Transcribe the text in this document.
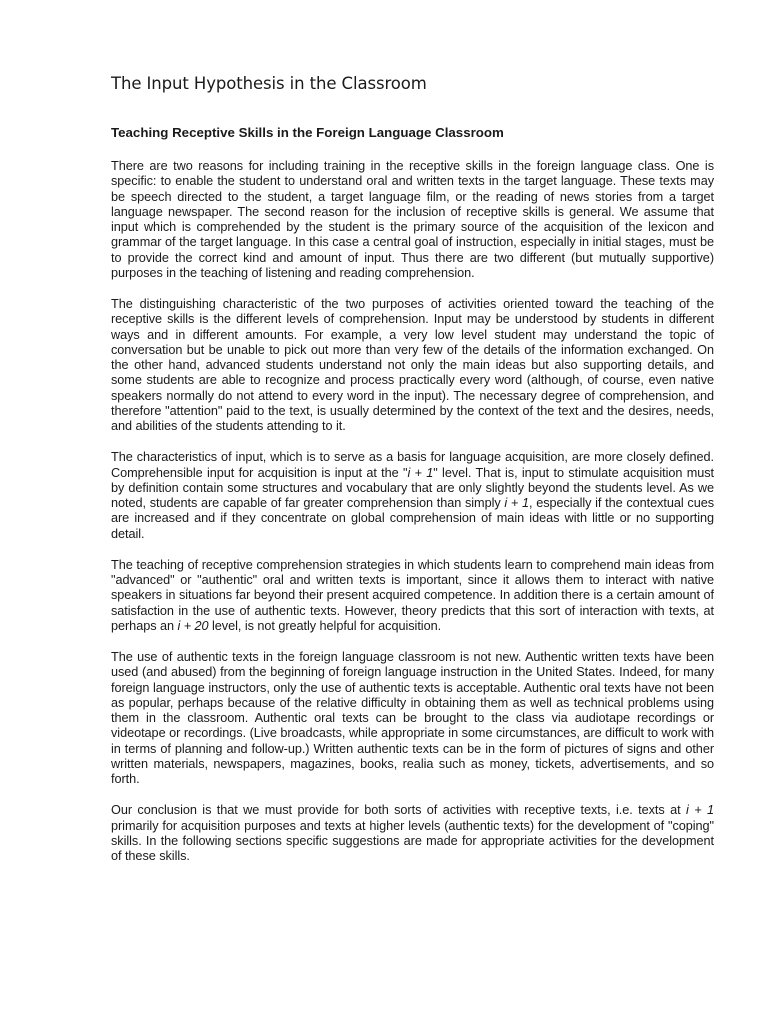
The Input Hypothesis in the Classroom
Teaching Receptive Skills in the Foreign Language Classroom

There are two reasons for including training in the receptive skills in the foreign language class. One is specific: to enable the student to understand oral and written texts in the target language. These texts may be speech directed to the student, a target language film, or the reading of news stories from a target language newspaper. The second reason for the inclusion of receptive skills is general. We assume that input which is comprehended by the student is the primary source of the acquisition of the lexicon and grammar of the target language. In this case a central goal of instruction, especially in initial stages, must be to provide the correct kind and amount of input. Thus there are two different (but mutually supportive) purposes in the teaching of listening and reading comprehension.

The distinguishing characteristic of the two purposes of activities oriented toward the teaching of the receptive skills is the different levels of comprehension. Input may be understood by students in different ways and in different amounts. For example, a very low level student may understand the topic of conversation but be unable to pick out more than very few of the details of the information exchanged. On the other hand, advanced students understand not only the main ideas but also supporting details, and some students are able to recognize and process practically every word (although, of course, even native speakers normally do not attend to every word in the input). The necessary degree of comprehension, and therefore "attention" paid to the text, is usually determined by the context of the text and the desires, needs, and abilities of the students attending to it.

The characteristics of input, which is to serve as a basis for language acquisition, are more closely defined. Comprehensible input for acquisition is input at the "i + 1" level. That is, input to stimulate acquisition must by definition contain some structures and vocabulary that are only slightly beyond the students level. As we noted, students are capable of far greater comprehension than simply i + 1, especially if the contextual cues are increased and if they concentrate on global comprehension of main ideas with little or no supporting detail.

The teaching of receptive comprehension strategies in which students learn to comprehend main ideas from "advanced" or "authentic" oral and written texts is important, since it allows them to interact with native speakers in situations far beyond their present acquired competence. In addition there is a certain amount of satisfaction in the use of authentic texts. However, theory predicts that this sort of interaction with texts, at perhaps an i + 20 level, is not greatly helpful for acquisition.

The use of authentic texts in the foreign language classroom is not new. Authentic written texts have been used (and abused) from the beginning of foreign language instruction in the United States. Indeed, for many foreign language instructors, only the use of authentic texts is acceptable. Authentic oral texts have not been as popular, perhaps because of the relative difficulty in obtaining them as well as technical problems using them in the classroom. Authentic oral texts can be brought to the class via audiotape recordings or videotape or recordings. (Live broadcasts, while appropriate in some circumstances, are difficult to work with in terms of planning and follow-up.) Written authentic texts can be in the form of pictures of signs and other written materials, newspapers, magazines, books, realia such as money, tickets, advertisements, and so forth.

Our conclusion is that we must provide for both sorts of activities with receptive texts, i.e. texts at i + 1 primarily for acquisition purposes and texts at higher levels (authentic texts) for the development of "coping" skills. In the following sections specific suggestions are made for appropriate activities for the development of these skills.
